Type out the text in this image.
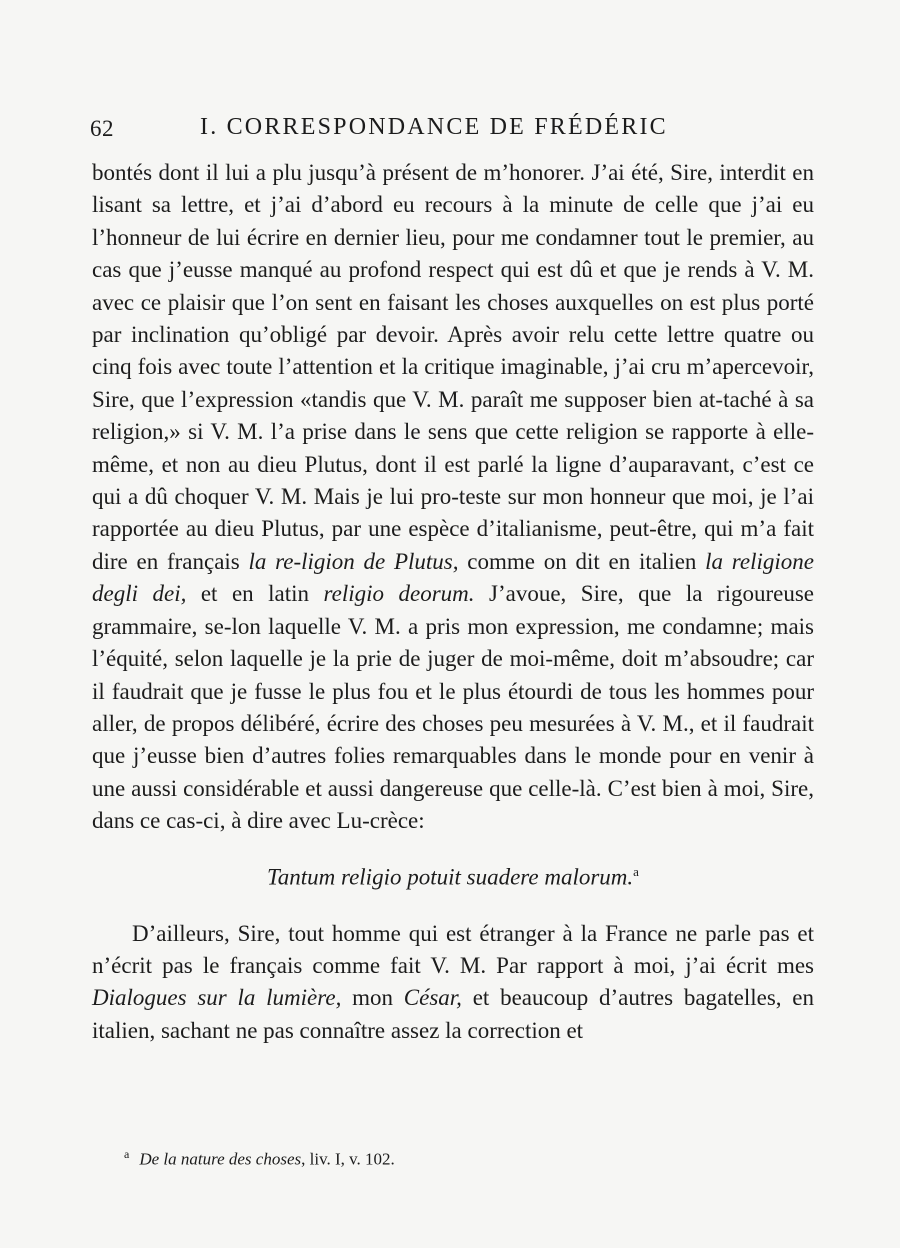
62	I. CORRESPONDANCE DE FRÉDÉRIC

bontés dont il lui a plu jusqu’à présent de m’honorer. J’ai été, Sire, interdit en lisant sa lettre, et j’ai d’abord eu recours à la minute de celle que j’ai eu l’honneur de lui écrire en dernier lieu, pour me condamner tout le premier, au cas que j’eusse manqué au profond respect qui est dû et que je rends à V. M. avec ce plaisir que l’on sent en faisant les choses auxquelles on est plus porté par inclination qu’obligé par devoir. Après avoir relu cette lettre quatre ou cinq fois avec toute l’attention et la critique imaginable, j’ai cru m’apercevoir, Sire, que l’expression «tandis que V. M. paraît me supposer bien at-taché à sa religion,» si V. M. l’a prise dans le sens que cette religion se rapporte à elle-même, et non au dieu Plutus, dont il est parlé la ligne d’auparavant, c’est ce qui a dû choquer V. M. Mais je lui pro-teste sur mon honneur que moi, je l’ai rapportée au dieu Plutus, par une espèce d’italianisme, peut-être, qui m’a fait dire en français la re-ligion de Plutus, comme on dit en italien la religione degli dei, et en latin religio deorum. J’avoue, Sire, que la rigoureuse grammaire, se-lon laquelle V. M. a pris mon expression, me condamne; mais l’équité, selon laquelle je la prie de juger de moi-même, doit m’absoudre; car il faudrait que je fusse le plus fou et le plus étourdi de tous les hommes pour aller, de propos délibéré, écrire des choses peu mesurées à V. M., et il faudrait que j’eusse bien d’autres folies remarquables dans le monde pour en venir à une aussi considérable et aussi dangereuse que celle-là. C’est bien à moi, Sire, dans ce cas-ci, à dire avec Lu-crèce:

Tantum religio potuit suadere malorum.$^a$

D’ailleurs, Sire, tout homme qui est étranger à la France ne parle pas et n’écrit pas le français comme fait V. M. Par rapport à moi, j’ai écrit mes Dialogues sur la lumière, mon César, et beaucoup d’autres bagatelles, en italien, sachant ne pas connaître assez la correction et

$^a$ De la nature des choses, liv. I, v. 102.
